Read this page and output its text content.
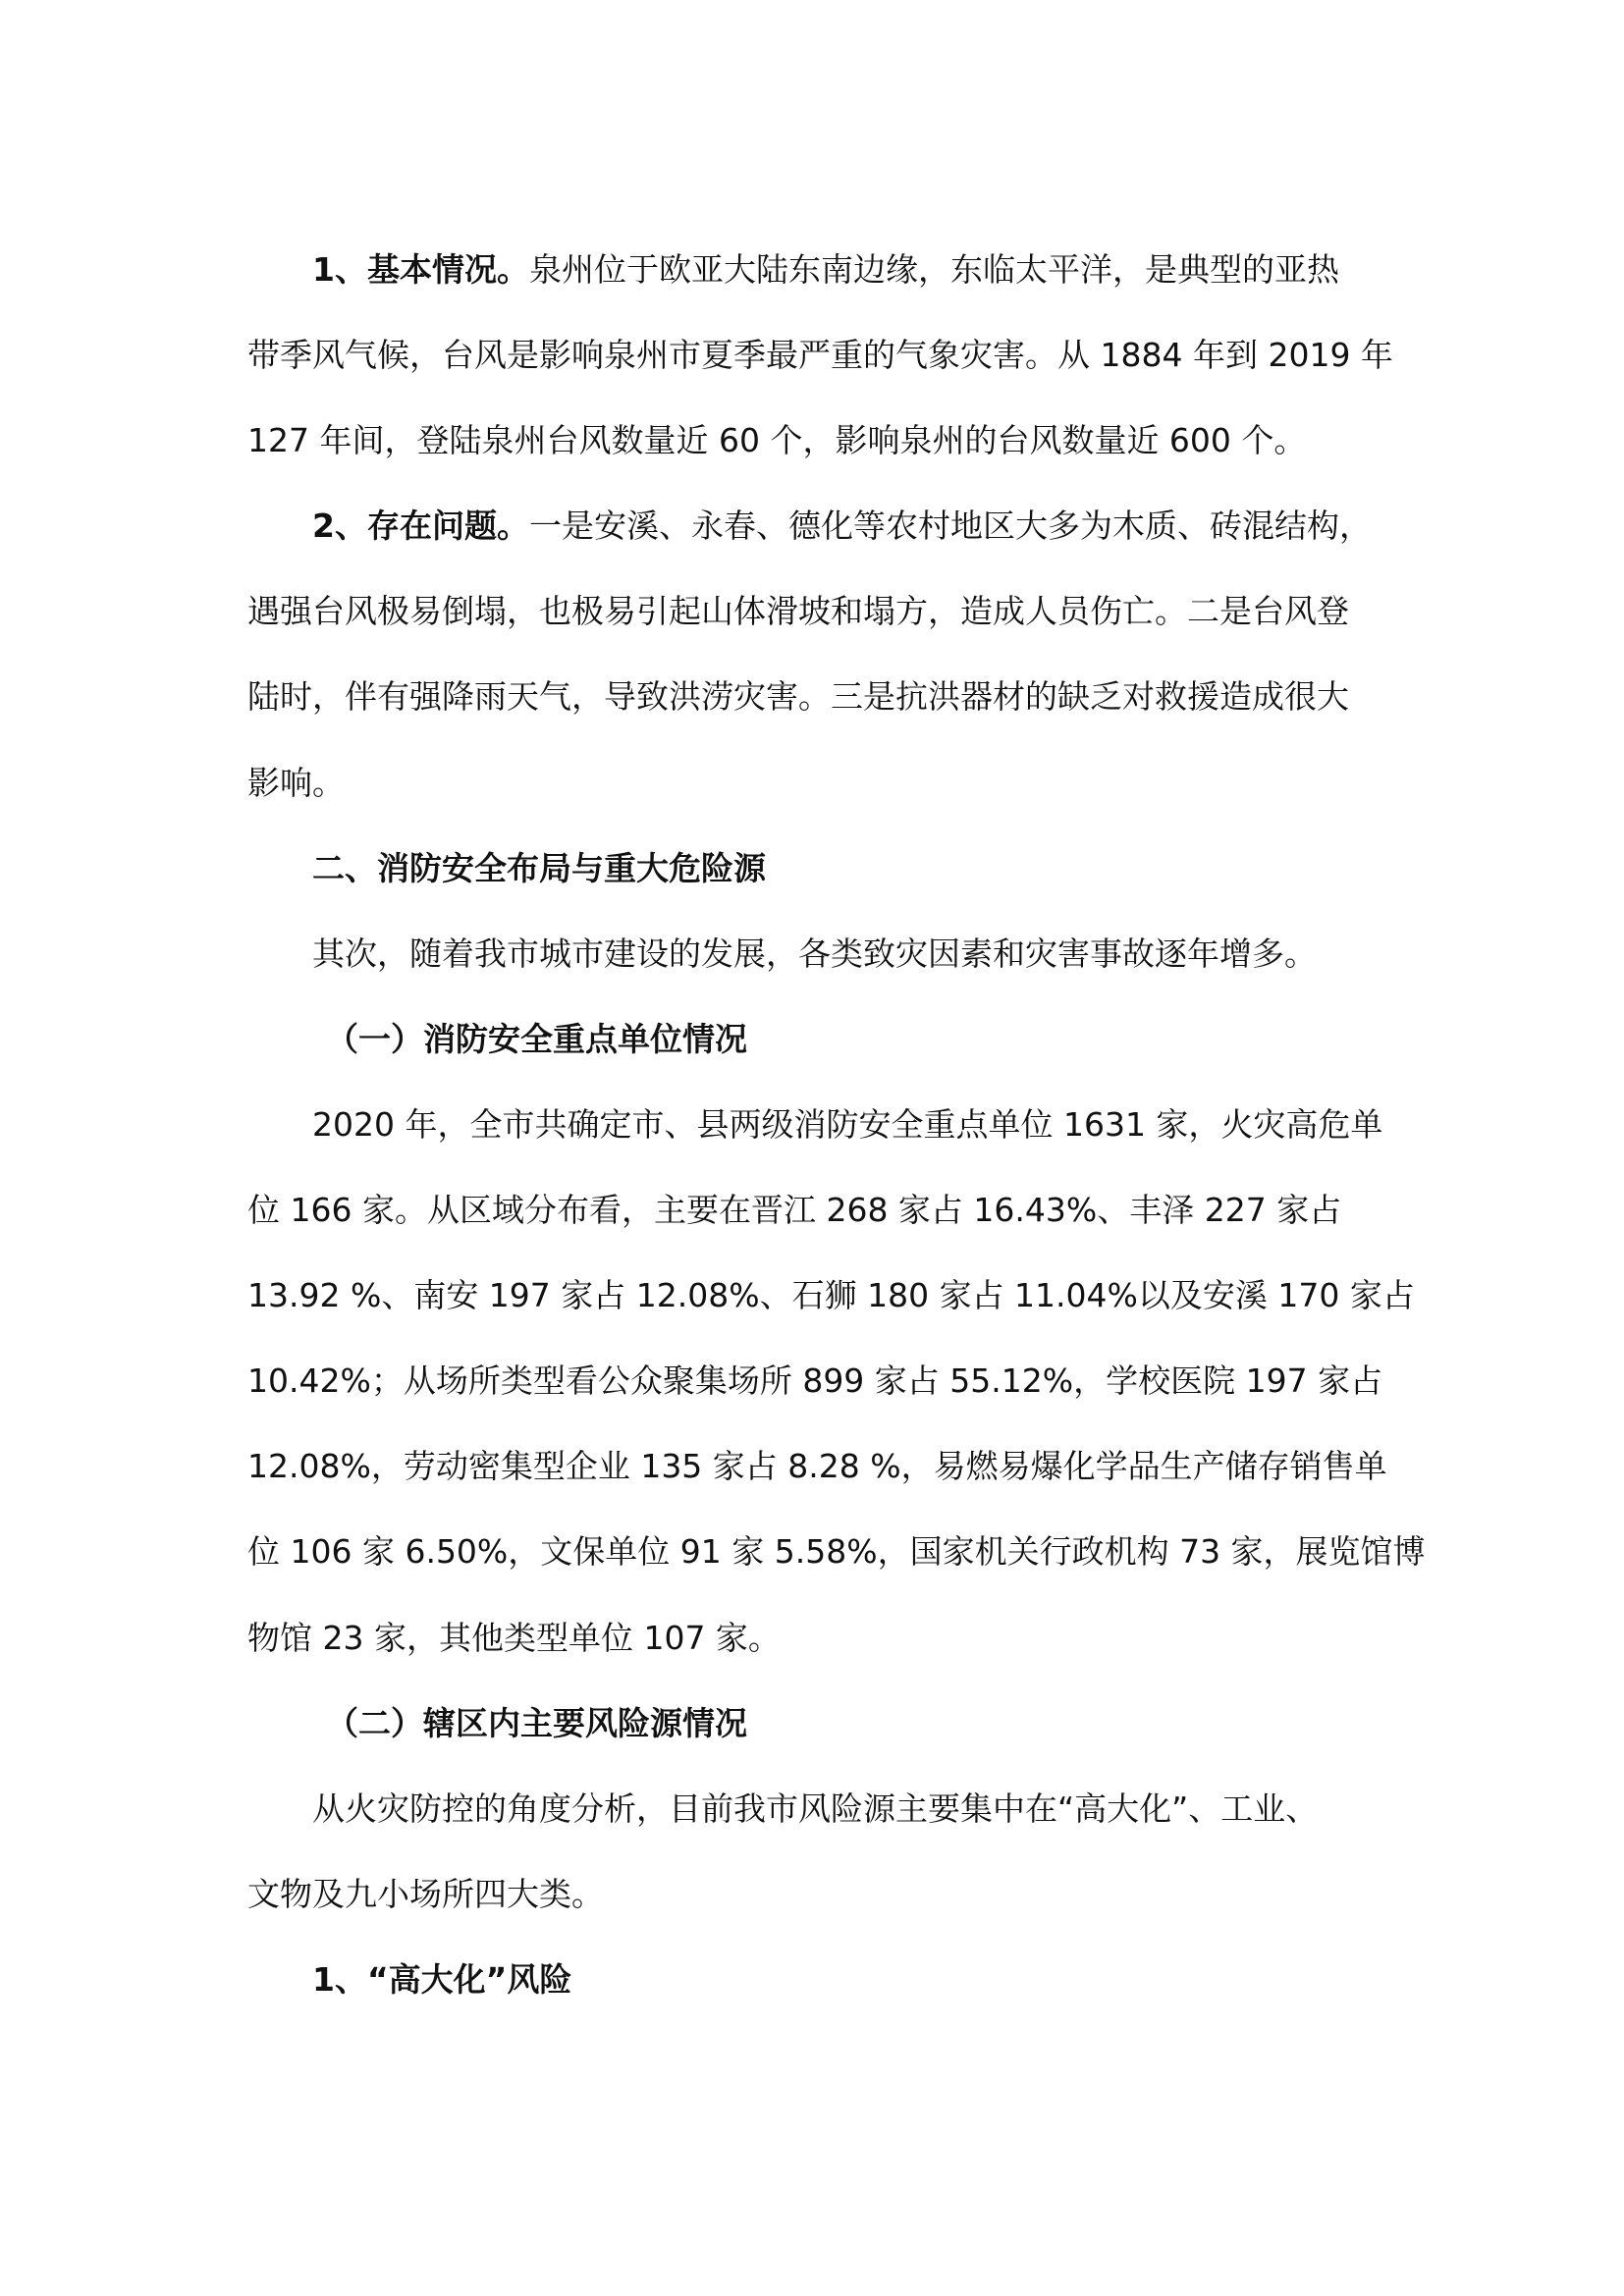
1、基本情况。泉州位于欧亚大陆东南边缘，东临太平洋，是典型的亚热
带季风气候，台风是影响泉州市夏季最严重的气象灾害。从 1884 年到 2019 年
127 年间，登陆泉州台风数量近 60 个，影响泉州的台风数量近 600 个。
2、存在问题。一是安溪、永春、德化等农村地区大多为木质、砖混结构，
遇强台风极易倒塌，也极易引起山体滑坡和塌方，造成人员伤亡。二是台风登
陆时，伴有强降雨天气，导致洪涝灾害。三是抗洪器材的缺乏对救援造成很大
影响。
二、消防安全布局与重大危险源
其次，随着我市城市建设的发展，各类致灾因素和灾害事故逐年增多。
（一）消防安全重点单位情况
2020 年，全市共确定市、县两级消防安全重点单位 1631 家，火灾高危单
位 166 家。从区域分布看，主要在晋江 268 家占 16.43%、丰泽 227 家占
13.92 %、南安 197 家占 12.08%、石狮 180 家占 11.04%以及安溪 170 家占
10.42%；从场所类型看公众聚集场所 899 家占 55.12%，学校医院 197 家占
12.08%，劳动密集型企业 135 家占 8.28 %，易燃易爆化学品生产储存销售单
位 106 家 6.50%，文保单位 91 家 5.58%，国家机关行政机构 73 家，展览馆博
物馆 23 家，其他类型单位 107 家。
（二）辖区内主要风险源情况
从火灾防控的角度分析，目前我市风险源主要集中在“高大化”、工业、
文物及九小场所四大类。
1、“高大化”风险
